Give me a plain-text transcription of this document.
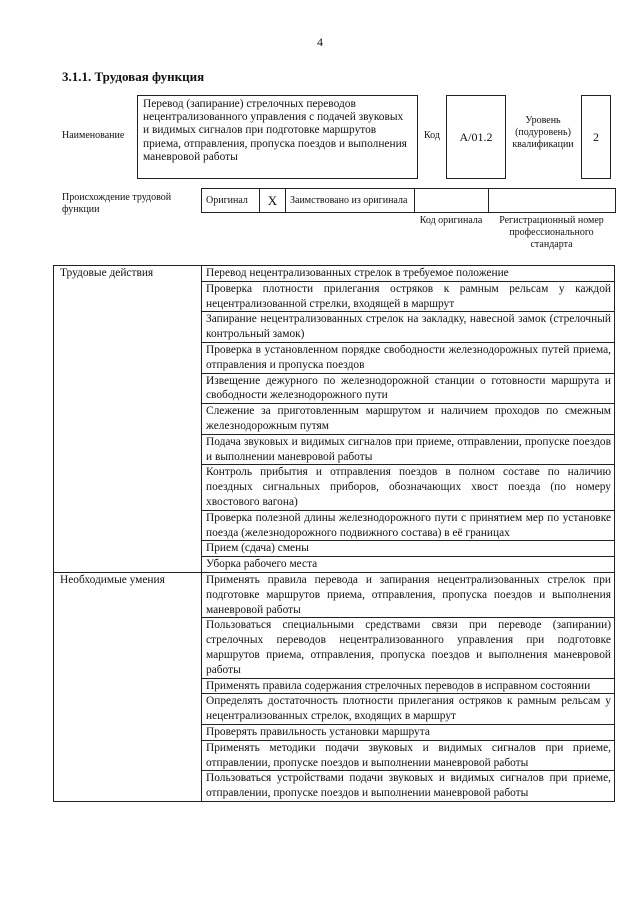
4
3.1.1. Трудовая функция
Наименование
Перевод (запирание) стрелочных переводов нецентрализованного управления с подачей звуковых и видимых сигналов при подготовке маршрутов приема, отправления, пропуска поездов и выполнения маневровой работы
Код	А/01.2
Уровень (подуровень) квалификации
2
Происхождение трудовой функции
Оригинал	X	Заимствовано из оригинала		
Код оригинала	Регистрационный номер профессионального стандарта
Трудовые действия	Перевод нецентрализованных стрелок в требуемое положение
	Проверка плотности прилегания остряков к рамным рельсам у каждой нецентрализованной стрелки, входящей в маршрут
	Запирание нецентрализованных стрелок на закладку, навесной замок (стрелочный контрольный замок)
	Проверка в установленном порядке свободности железнодорожных путей приема, отправления и пропуска поездов
	Извещение дежурного по железнодорожной станции о готовности маршрута и свободности железнодорожного пути
	Слежение за приготовленным маршрутом и наличием проходов по смежным железнодорожным путям
	Подача звуковых и видимых сигналов при приеме, отправлении, пропуске поездов и выполнении маневровой работы
	Контроль прибытия и отправления поездов в полном составе по наличию поездных сигнальных приборов, обозначающих хвост поезда (по номеру хвостового вагона)
	Проверка полезной длины железнодорожного пути с принятием мер по установке поезда (железнодорожного подвижного состава) в её границах
	Прием (сдача) смены
	Уборка рабочего места
Необходимые умения	Применять правила перевода и запирания нецентрализованных стрелок при подготовке маршрутов приема, отправления, пропуска поездов и выполнения маневровой работы
	Пользоваться специальными средствами связи при переводе (запирании) стрелочных переводов нецентрализованного управления при подготовке маршрутов приема, отправления, пропуска поездов и выполнения маневровой работы
	Применять правила содержания стрелочных переводов в исправном состоянии
	Определять достаточность плотности прилегания остряков к рамным рельсам у нецентрализованных стрелок, входящих в маршрут
	Проверять правильность установки маршрута
	Применять методики подачи звуковых и видимых сигналов при приеме, отправлении, пропуске поездов и выполнении маневровой работы
	Пользоваться устройствами подачи звуковых и видимых сигналов при приеме, отправлении, пропуске поездов и выполнении маневровой работы
